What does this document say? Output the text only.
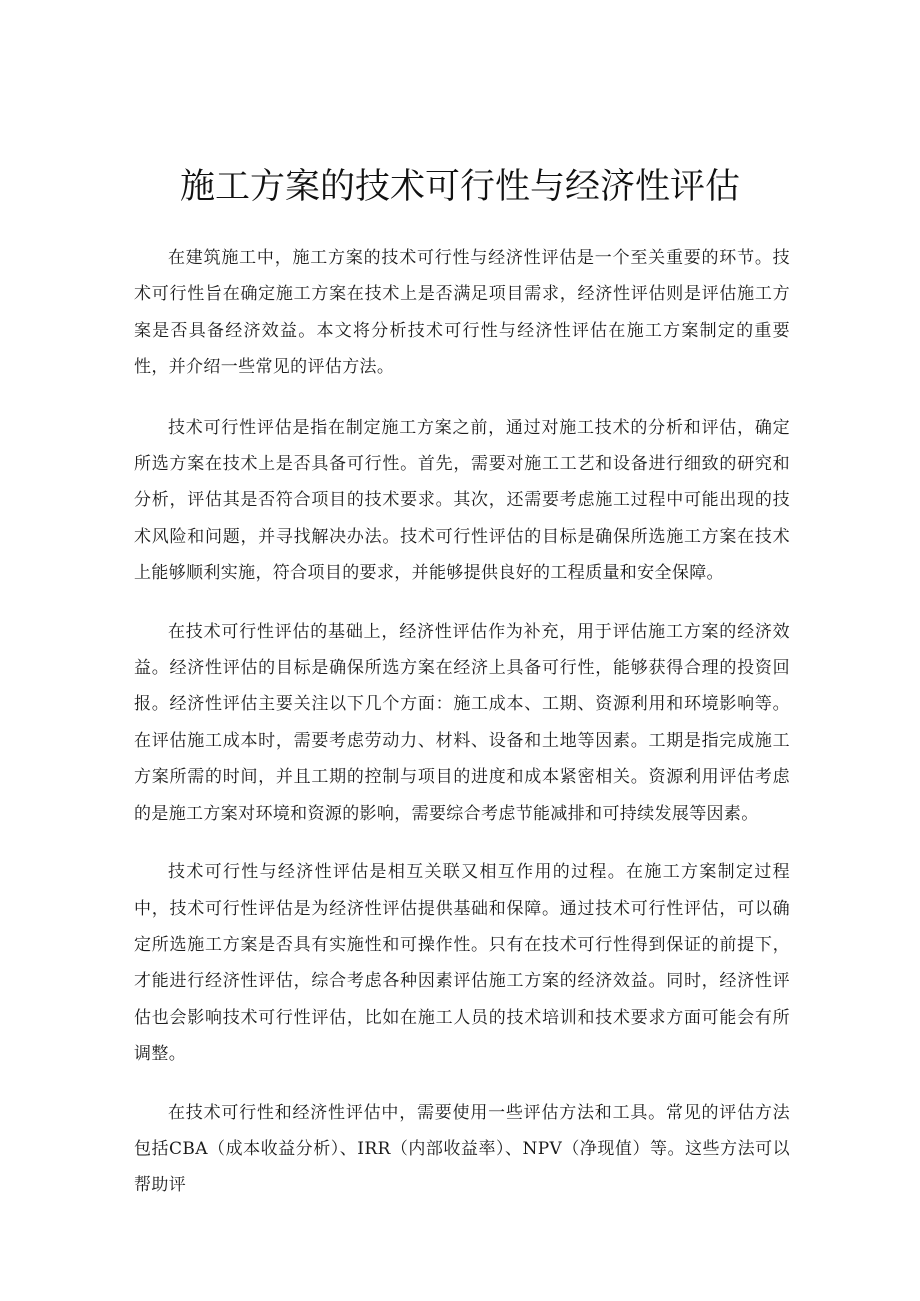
施工方案的技术可行性与经济性评估

在建筑施工中，施工方案的技术可行性与经济性评估是一个至关重要的环节。技术可行性旨在确定施工方案在技术上是否满足项目需求，经济性评估则是评估施工方案是否具备经济效益。本文将分析技术可行性与经济性评估在施工方案制定的重要性，并介绍一些常见的评估方法。

技术可行性评估是指在制定施工方案之前，通过对施工技术的分析和评估，确定所选方案在技术上是否具备可行性。首先，需要对施工工艺和设备进行细致的研究和分析，评估其是否符合项目的技术要求。其次，还需要考虑施工过程中可能出现的技术风险和问题，并寻找解决办法。技术可行性评估的目标是确保所选施工方案在技术上能够顺利实施，符合项目的要求，并能够提供良好的工程质量和安全保障。

在技术可行性评估的基础上，经济性评估作为补充，用于评估施工方案的经济效益。经济性评估的目标是确保所选方案在经济上具备可行性，能够获得合理的投资回报。经济性评估主要关注以下几个方面：施工成本、工期、资源利用和环境影响等。在评估施工成本时，需要考虑劳动力、材料、设备和土地等因素。工期是指完成施工方案所需的时间，并且工期的控制与项目的进度和成本紧密相关。资源利用评估考虑的是施工方案对环境和资源的影响，需要综合考虑节能减排和可持续发展等因素。

技术可行性与经济性评估是相互关联又相互作用的过程。在施工方案制定过程中，技术可行性评估是为经济性评估提供基础和保障。通过技术可行性评估，可以确定所选施工方案是否具有实施性和可操作性。只有在技术可行性得到保证的前提下，才能进行经济性评估，综合考虑各种因素评估施工方案的经济效益。同时，经济性评估也会影响技术可行性评估，比如在施工人员的技术培训和技术要求方面可能会有所调整。

在技术可行性和经济性评估中，需要使用一些评估方法和工具。常见的评估方法包括CBA（成本收益分析）、IRR（内部收益率）、NPV（净现值）等。这些方法可以帮助评
